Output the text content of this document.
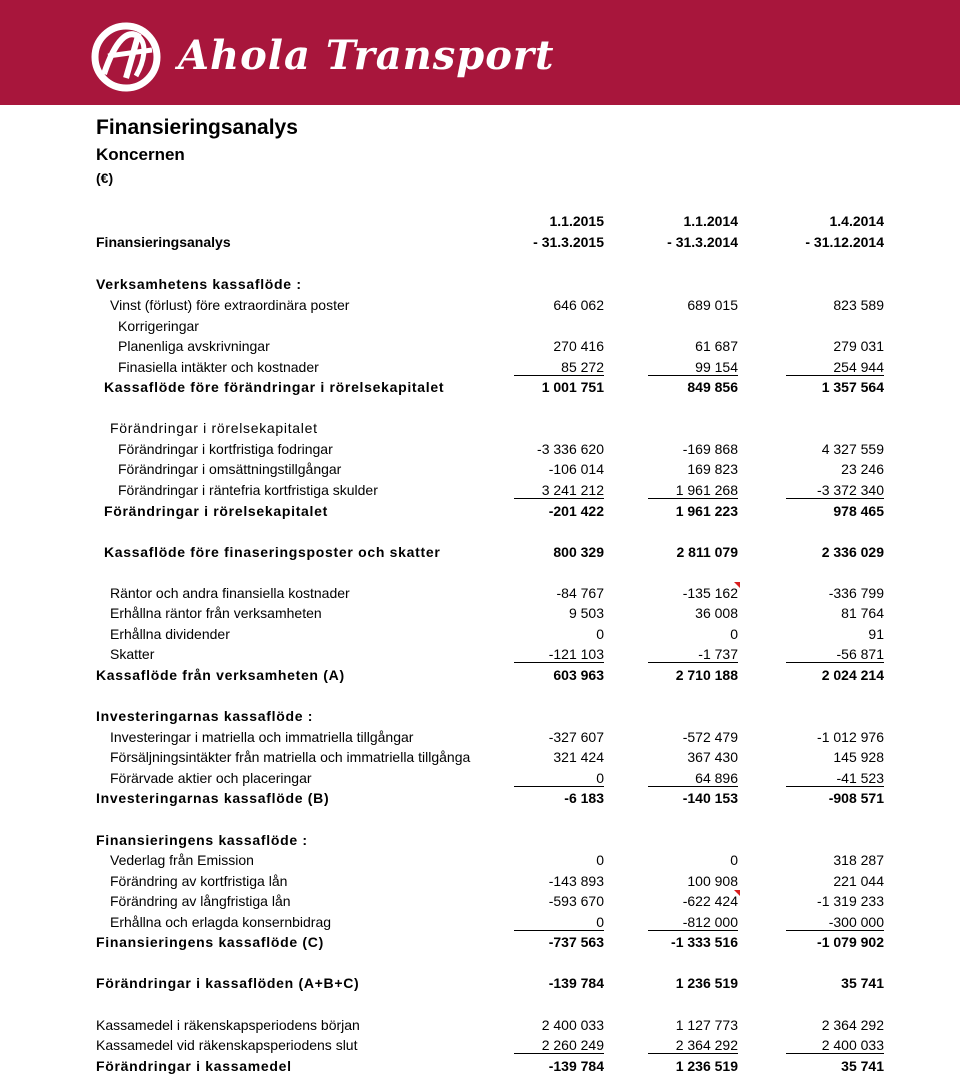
Ahola Transport
Finansieringsanalys
Koncernen
(€)
1.1.2015	1.1.2014	1.4.2014
Finansieringsanalys	- 31.3.2015	- 31.3.2014	- 31.12.2014
Verksamhetens kassaflöde :
Vinst (förlust) före extraordinära poster	646 062	689 015	823 589
Korrigeringar
Planenliga avskrivningar	270 416	61 687	279 031
Finasiella intäkter och kostnader	85 272	99 154	254 944
Kassaflöde före förändringar i rörelsekapitalet	1 001 751	849 856	1 357 564
Förändringar i rörelsekapitalet
Förändringar i kortfristiga fodringar	-3 336 620	-169 868	4 327 559
Förändringar i omsättningstillgångar	-106 014	169 823	23 246
Förändringar i räntefria kortfristiga skulder	3 241 212	1 961 268	-3 372 340
Förändringar i rörelsekapitalet	-201 422	1 961 223	978 465
Kassaflöde före finaseringsposter och skatter	800 329	2 811 079	2 336 029
Räntor och andra finansiella kostnader	-84 767	-135 162	-336 799
Erhållna räntor från verksamheten	9 503	36 008	81 764
Erhållna dividender	0	0	91
Skatter	-121 103	-1 737	-56 871
Kassaflöde från verksamheten (A)	603 963	2 710 188	2 024 214
Investeringarnas kassaflöde :
Investeringar i matriella och immatriella tillgångar	-327 607	-572 479	-1 012 976
Försäljningsintäkter från matriella och immatriella tillgånga	321 424	367 430	145 928
Förärvade aktier och placeringar	0	64 896	-41 523
Investeringarnas kassaflöde (B)	-6 183	-140 153	-908 571
Finansieringens kassaflöde :
Vederlag från Emission	0	0	318 287
Förändring av kortfristiga lån	-143 893	100 908	221 044
Förändring av långfristiga lån	-593 670	-622 424	-1 319 233
Erhållna och erlagda konsernbidrag	0	-812 000	-300 000
Finansieringens kassaflöde (C)	-737 563	-1 333 516	-1 079 902
Förändringar i kassaflöden (A+B+C)	-139 784	1 236 519	35 741
Kassamedel i räkenskapsperiodens början	2 400 033	1 127 773	2 364 292
Kassamedel vid räkenskapsperiodens slut	2 260 249	2 364 292	2 400 033
Förändringar i kassamedel	-139 784	1 236 519	35 741
